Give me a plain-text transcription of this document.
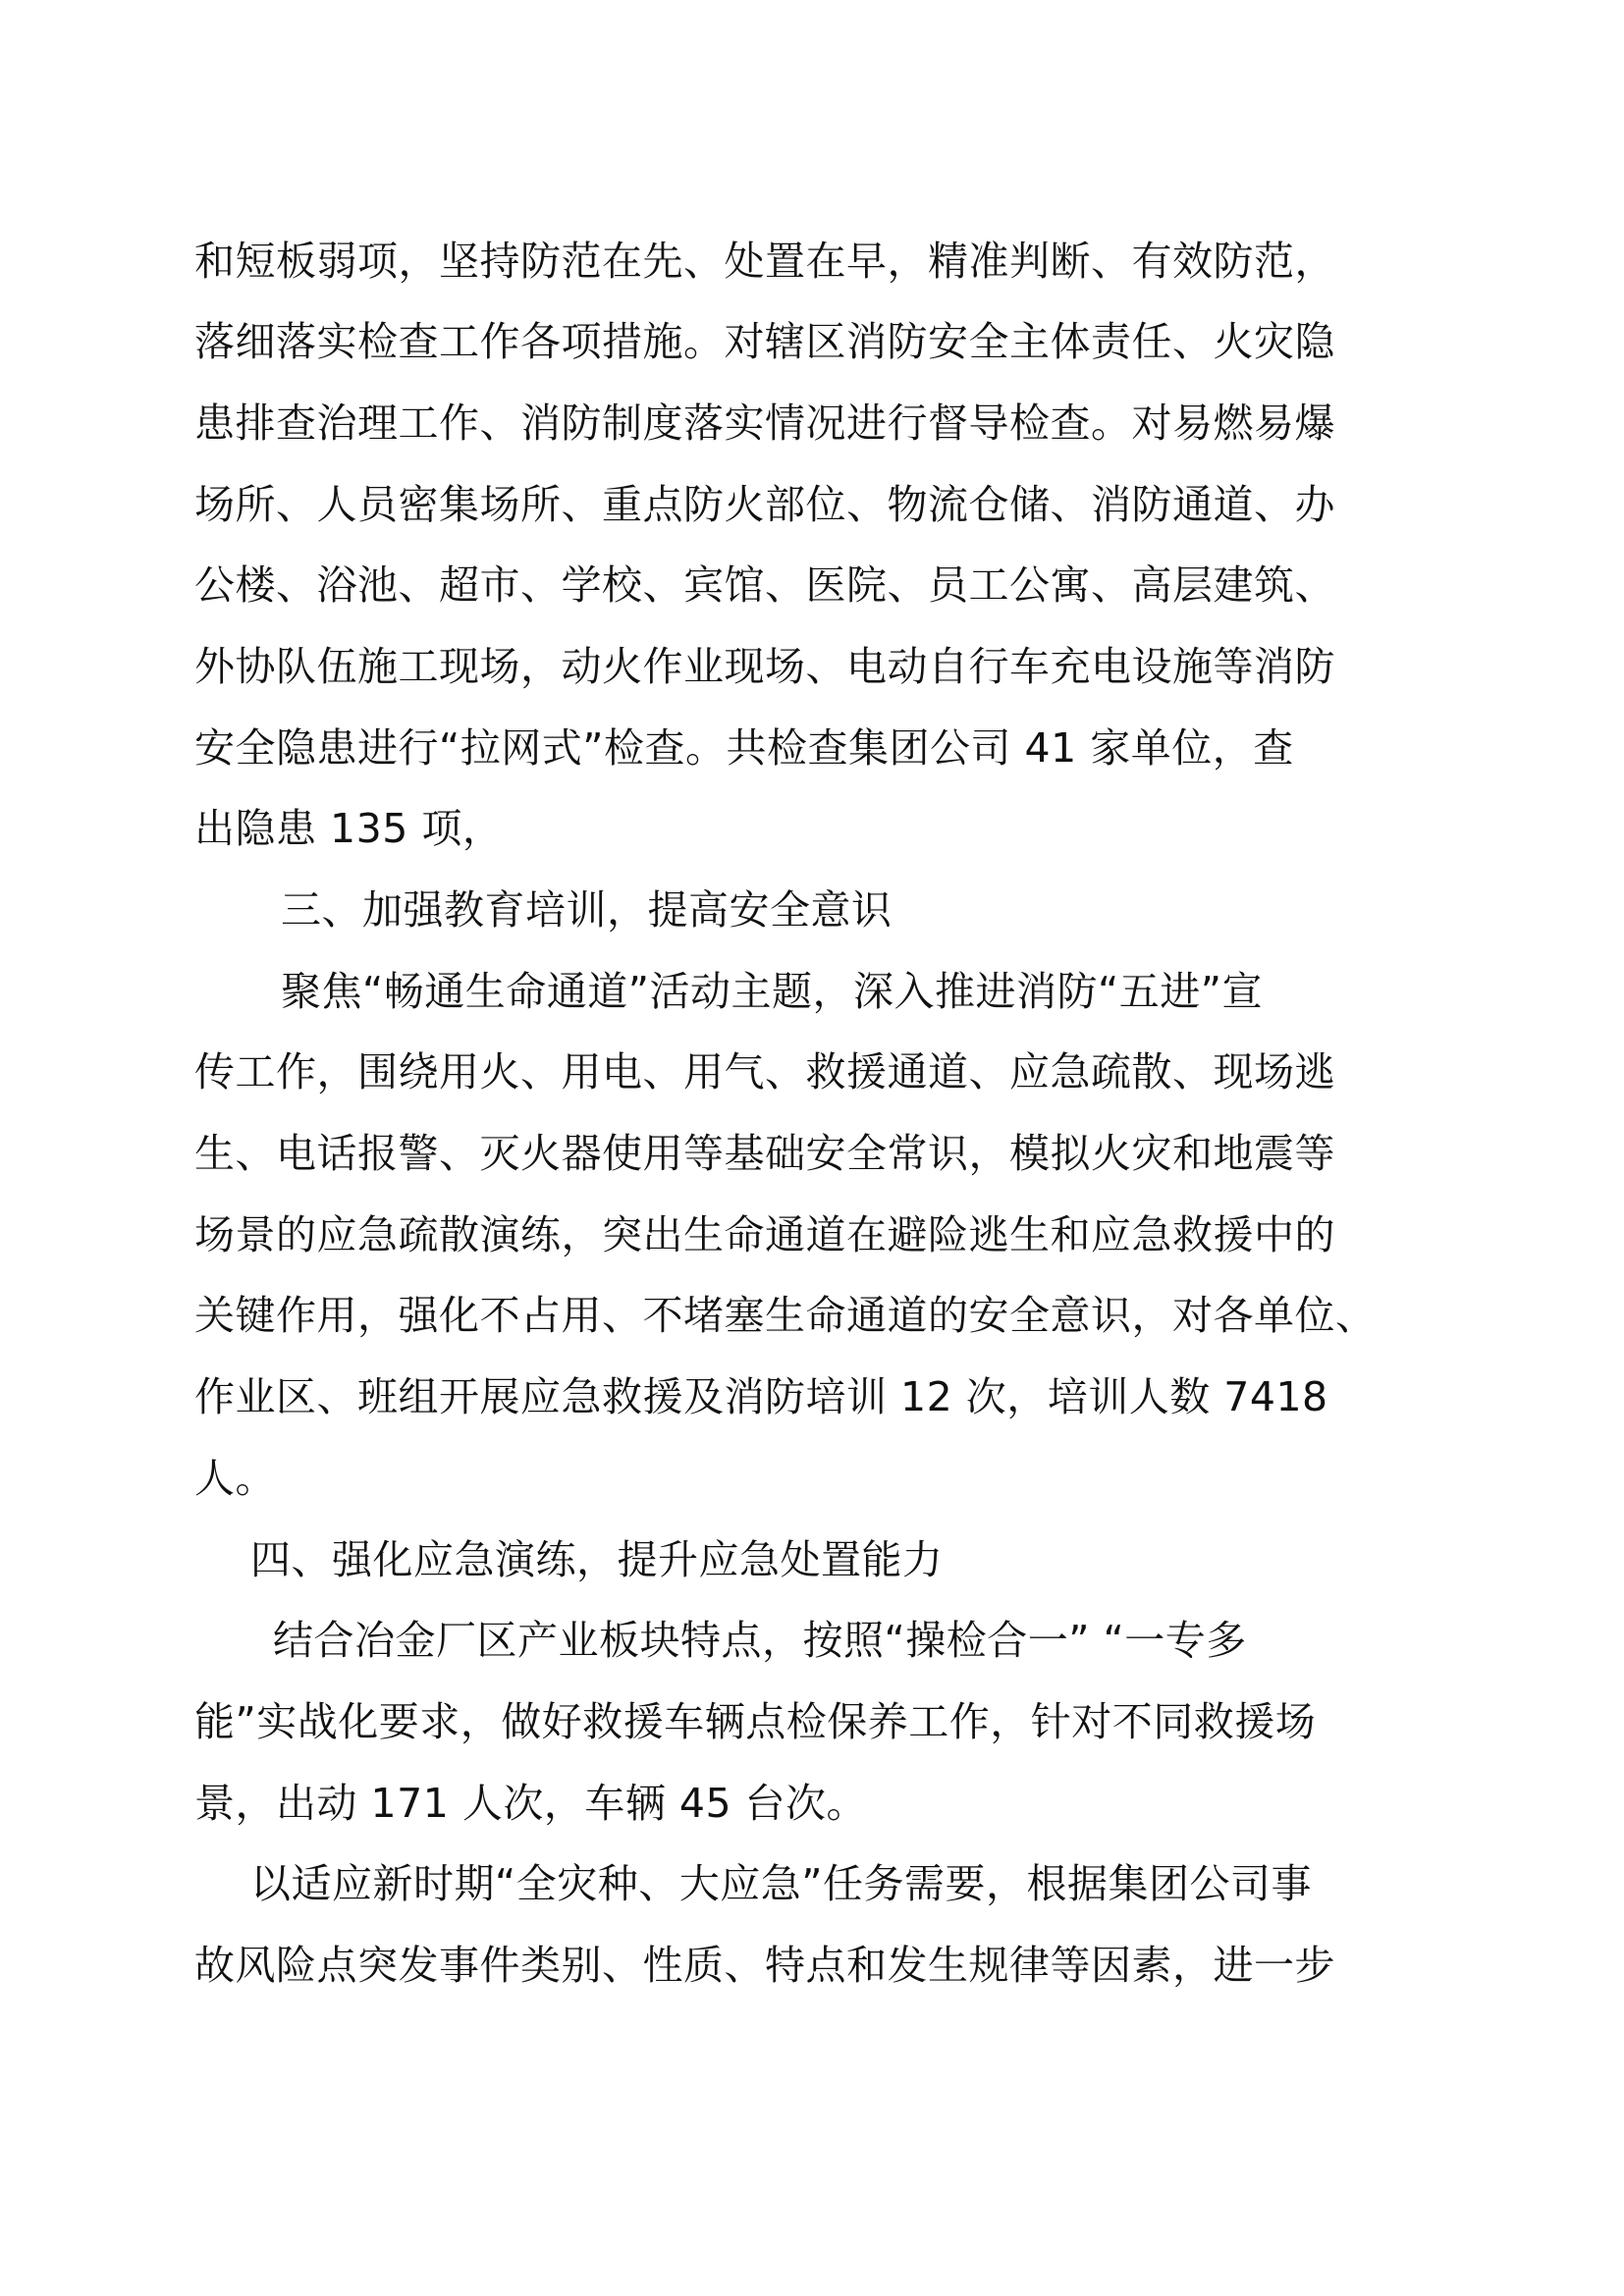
和短板弱项，坚持防范在先、处置在早，精准判断、有效防范，
落细落实检查工作各项措施。对辖区消防安全主体责任、火灾隐
患排查治理工作、消防制度落实情况进行督导检查。对易燃易爆
场所、人员密集场所、重点防火部位、物流仓储、消防通道、办
公楼、浴池、超市、学校、宾馆、医院、员工公寓、高层建筑、
外协队伍施工现场，动火作业现场、电动自行车充电设施等消防
安全隐患进行“拉网式”检查。共检查集团公司 41 家单位，查
出隐患 135 项，
三、加强教育培训，提高安全意识
聚焦“畅通生命通道”活动主题，深入推进消防“五进”宣
传工作，围绕用火、用电、用气、救援通道、应急疏散、现场逃
生、电话报警、灭火器使用等基础安全常识，模拟火灾和地震等
场景的应急疏散演练，突出生命通道在避险逃生和应急救援中的
关键作用，强化不占用、不堵塞生命通道的安全意识，对各单位、
作业区、班组开展应急救援及消防培训 12 次，培训人数 7418
人。
四、强化应急演练，提升应急处置能力
结合冶金厂区产业板块特点，按照“操检合一” “一专多
能”实战化要求，做好救援车辆点检保养工作，针对不同救援场
景，出动 171 人次，车辆 45 台次。
以适应新时期“全灾种、大应急”任务需要，根据集团公司事
故风险点突发事件类别、性质、特点和发生规律等因素，进一步
